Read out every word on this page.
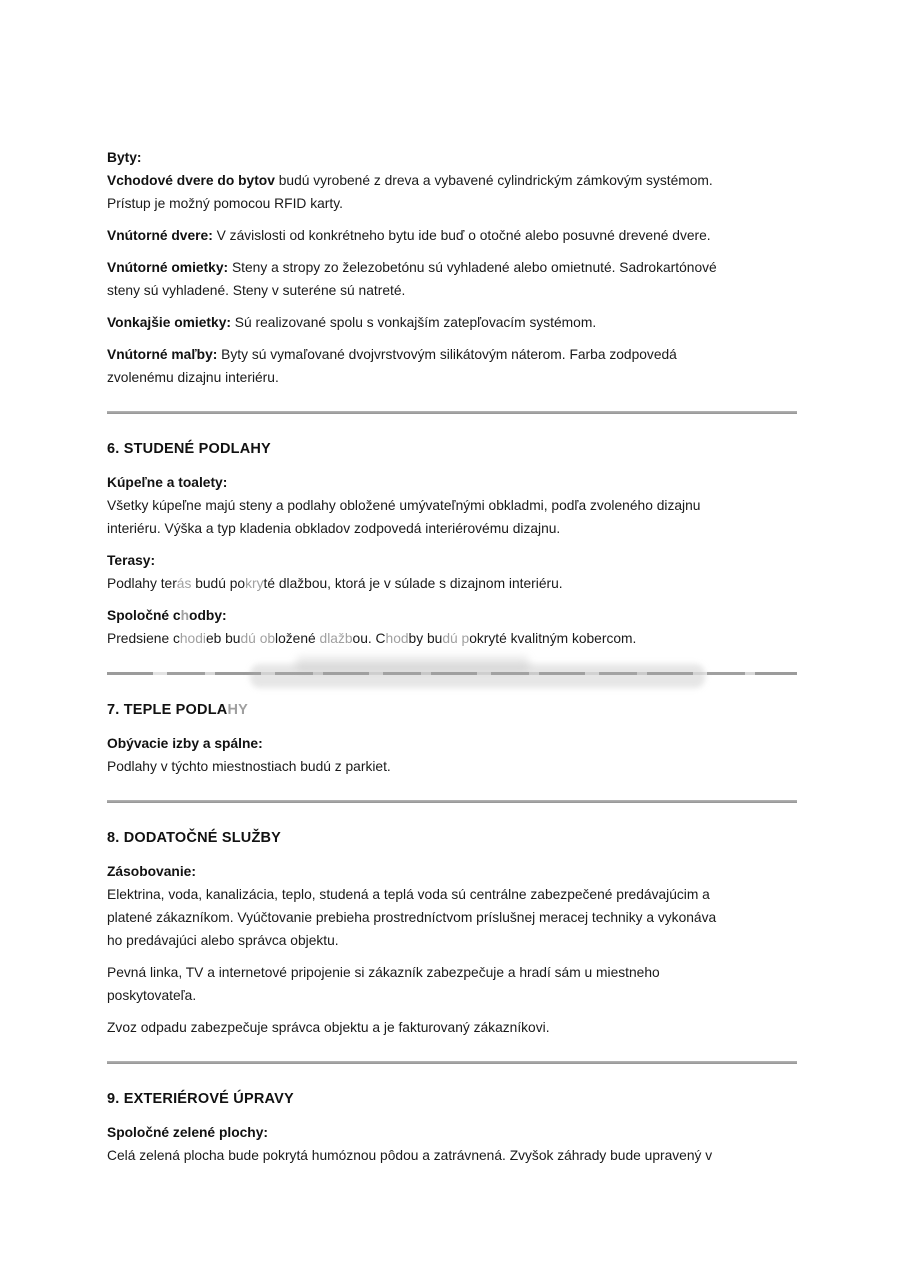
Byty:

Vchodové dvere do bytov budú vyrobené z dreva a vybavené cylindrickým zámkovým systémom.
Prístup je možný pomocou RFID karty.

Vnútorné dvere: V závislosti od konkrétneho bytu ide buď o otočné alebo posuvné drevené dvere.

Vnútorné omietky: Steny a stropy zo železobetónu sú vyhladené alebo omietnuté. Sadrokartónové
steny sú vyhladené. Steny v suteréne sú natreté.

Vonkajšie omietky: Sú realizované spolu s vonkajším zatepľovacím systémom.

Vnútorné maľby: Byty sú vymaľované dvojvrstvovým silikátovým náterom. Farba zodpovedá
zvolenému dizajnu interiéru.

6. STUDENÉ PODLAHY

Kúpeľne a toalety:
Všetky kúpeľne majú steny a podlahy obložené umývateľnými obkladmi, podľa zvoleného dizajnu
interiéru. Výška a typ kladenia obkladov zodpovedá interiérovému dizajnu.

Terasy:
Podlahy terás budú pokryté dlažbou, ktorá je v súlade s dizajnom interiéru.

Spoločné chodby:
Predsiene chodieb budú obložené dlažbou. Chodby budú pokryté kvalitným kobercom.

7. TEPLE PODLAHY

Obývacie izby a spálne:
Podlahy v týchto miestnostiach budú z parkiet.

8. DODATOČNÉ SLUŽBY

Zásobovanie:
Elektrina, voda, kanalizácia, teplo, studená a teplá voda sú centrálne zabezpečené predávajúcim a
platené zákazníkom. Vyúčtovanie prebieha prostredníctvom príslušnej meracej techniky a vykonáva
ho predávajúci alebo správca objektu.

Pevná linka, TV a internetové pripojenie si zákazník zabezpečuje a hradí sám u miestneho
poskytovateľa.

Zvoz odpadu zabezpečuje správca objektu a je fakturovaný zákazníkovi.

9. EXTERIÉROVÉ ÚPRAVY

Spoločné zelené plochy:
Celá zelená plocha bude pokrytá humóznou pôdou a zatrávnená. Zvyšok záhrady bude upravený v
